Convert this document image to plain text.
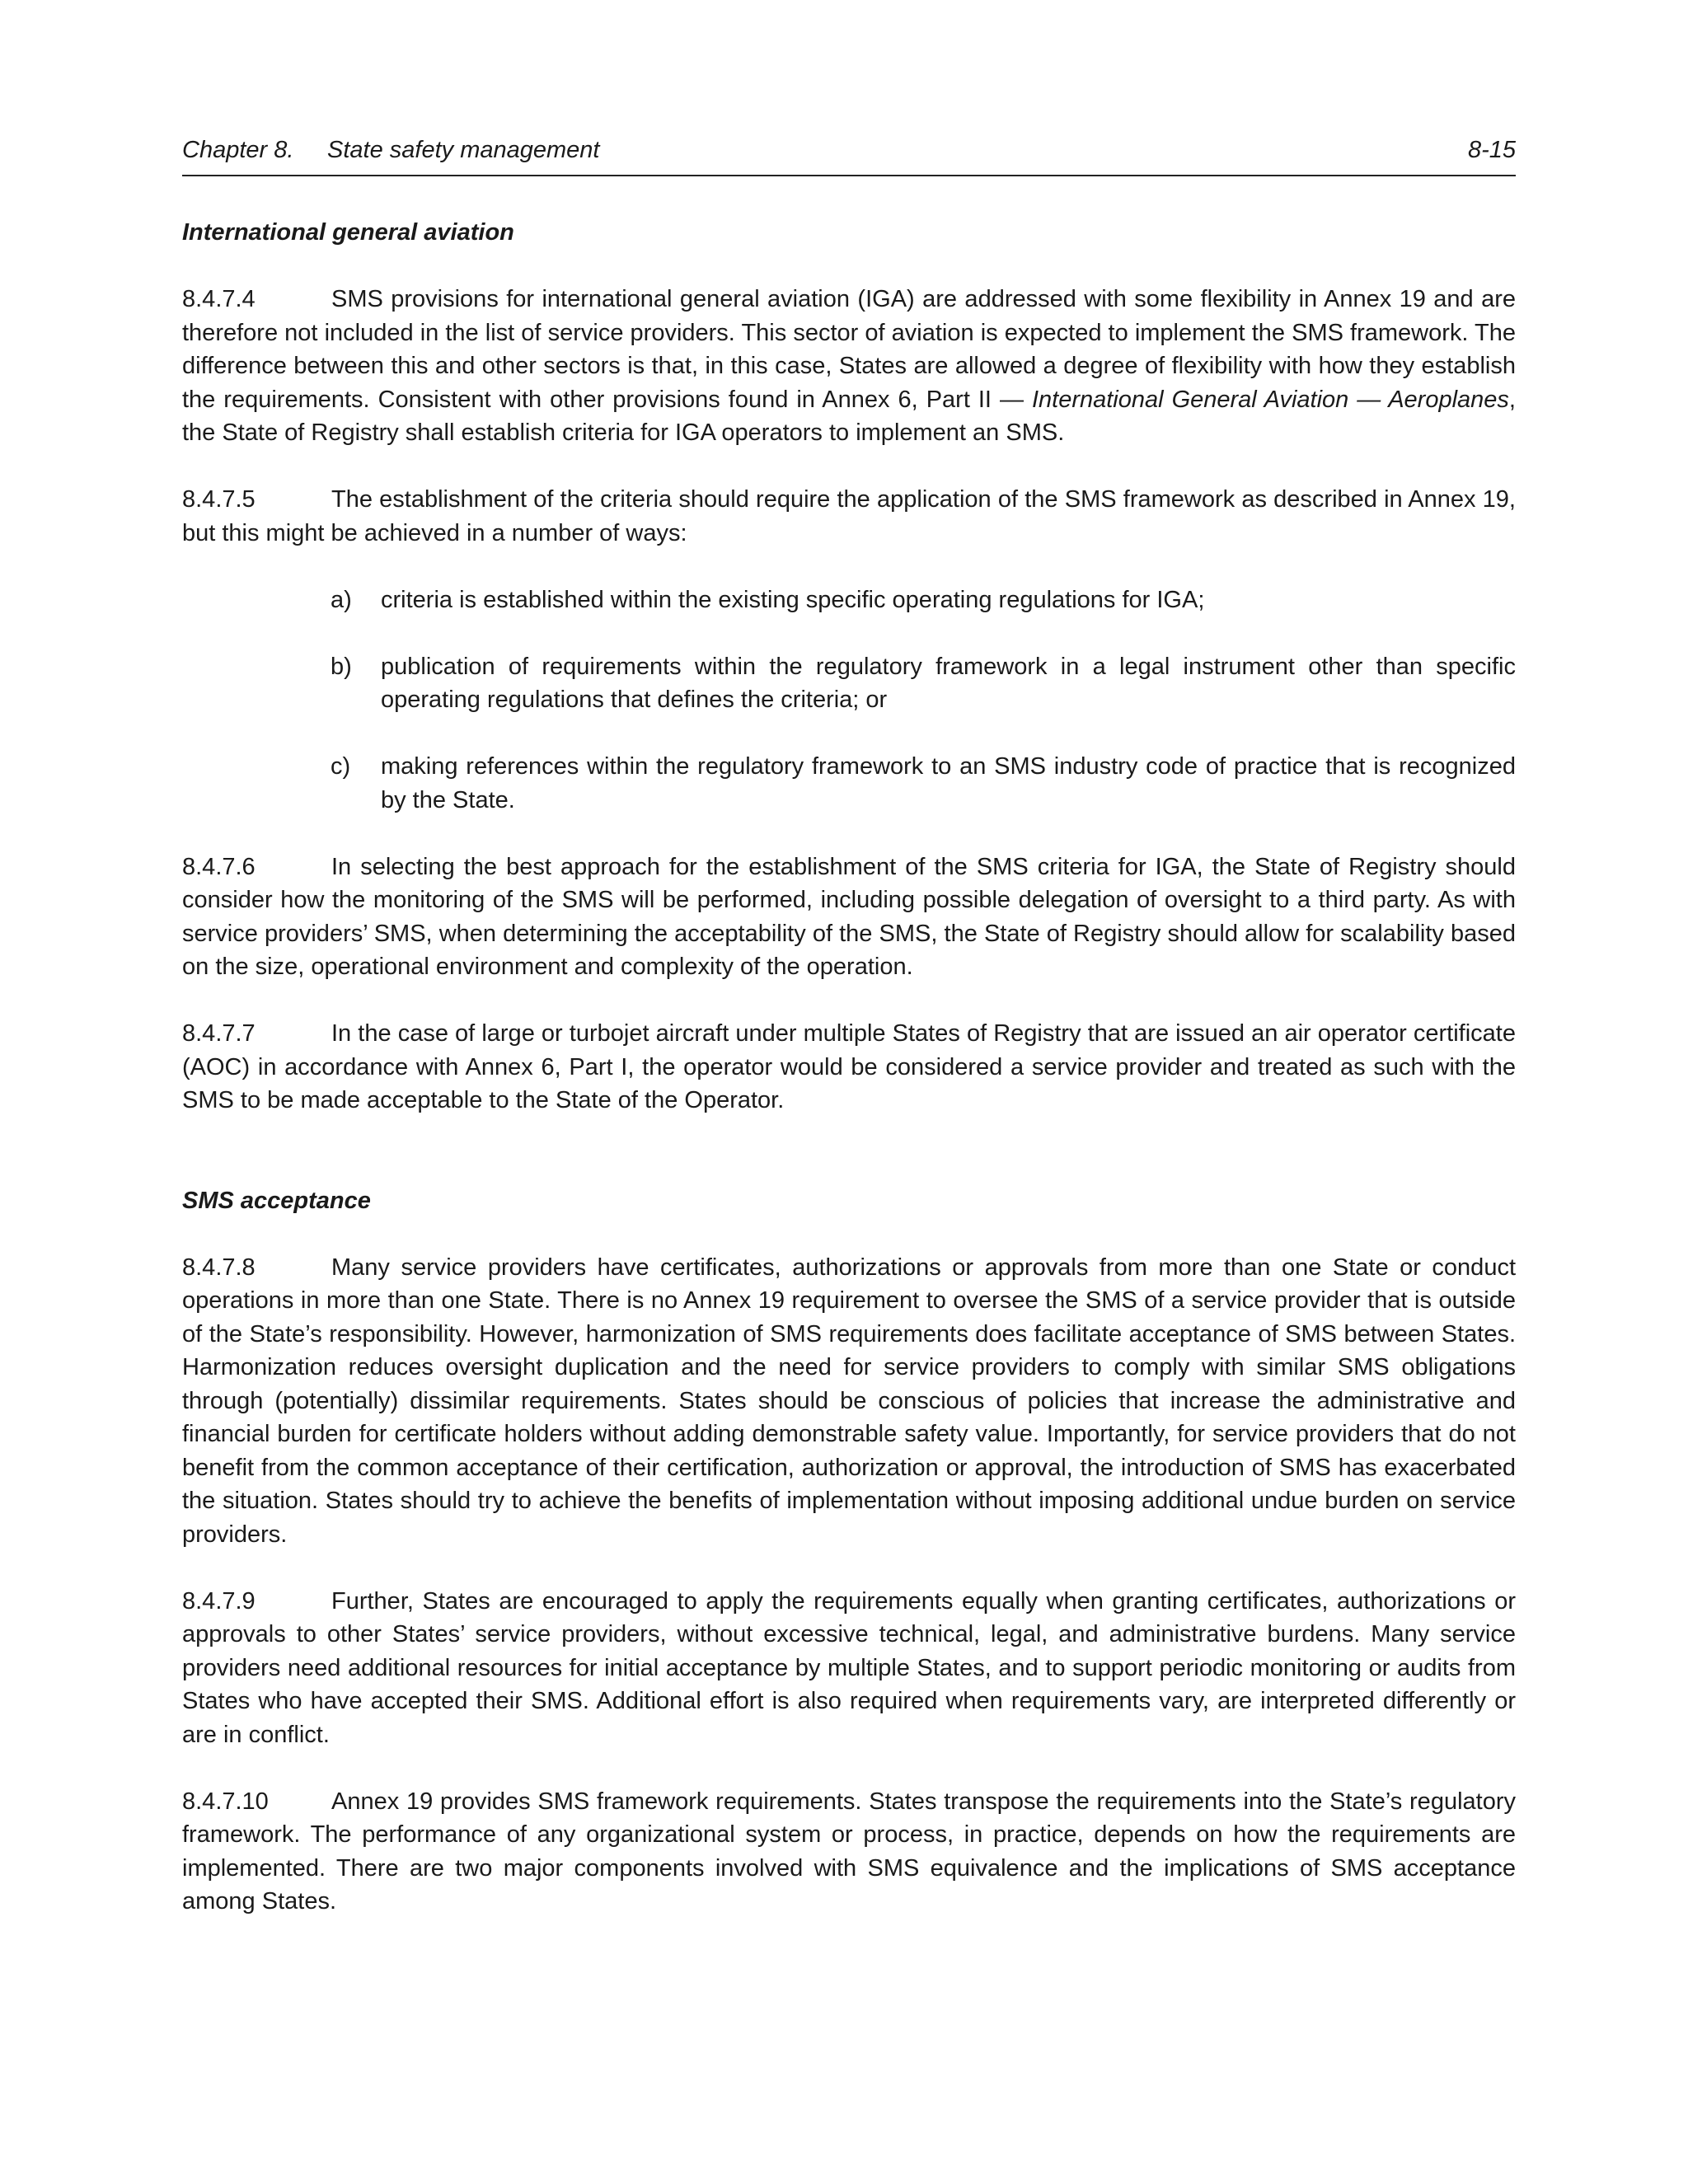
Chapter 8. State safety management	8-15
International general aviation

8.4.7.4	SMS provisions for international general aviation (IGA) are addressed with some flexibility in Annex 19 and are therefore not included in the list of service providers. This sector of aviation is expected to implement the SMS framework. The difference between this and other sectors is that, in this case, States are allowed a degree of flexibility with how they establish the requirements. Consistent with other provisions found in Annex 6, Part II — International General Aviation — Aeroplanes, the State of Registry shall establish criteria for IGA operators to implement an SMS.

8.4.7.5	The establishment of the criteria should require the application of the SMS framework as described in Annex 19, but this might be achieved in a number of ways:

a)	criteria is established within the existing specific operating regulations for IGA;
b)	publication of requirements within the regulatory framework in a legal instrument other than specific operating regulations that defines the criteria; or
c)	making references within the regulatory framework to an SMS industry code of practice that is recognized by the State.

8.4.7.6	In selecting the best approach for the establishment of the SMS criteria for IGA, the State of Registry should consider how the monitoring of the SMS will be performed, including possible delegation of oversight to a third party. As with service providers’ SMS, when determining the acceptability of the SMS, the State of Registry should allow for scalability based on the size, operational environment and complexity of the operation.

8.4.7.7	In the case of large or turbojet aircraft under multiple States of Registry that are issued an air operator certificate (AOC) in accordance with Annex 6, Part I, the operator would be considered a service provider and treated as such with the SMS to be made acceptable to the State of the Operator.

SMS acceptance

8.4.7.8	Many service providers have certificates, authorizations or approvals from more than one State or conduct operations in more than one State. There is no Annex 19 requirement to oversee the SMS of a service provider that is outside of the State’s responsibility. However, harmonization of SMS requirements does facilitate acceptance of SMS between States. Harmonization reduces oversight duplication and the need for service providers to comply with similar SMS obligations through (potentially) dissimilar requirements. States should be conscious of policies that increase the administrative and financial burden for certificate holders without adding demonstrable safety value. Importantly, for service providers that do not benefit from the common acceptance of their certification, authorization or approval, the introduction of SMS has exacerbated the situation. States should try to achieve the benefits of implementation without imposing additional undue burden on service providers.

8.4.7.9	Further, States are encouraged to apply the requirements equally when granting certificates, authorizations or approvals to other States’ service providers, without excessive technical, legal, and administrative burdens. Many service providers need additional resources for initial acceptance by multiple States, and to support periodic monitoring or audits from States who have accepted their SMS. Additional effort is also required when requirements vary, are interpreted differently or are in conflict.

8.4.7.10	Annex 19 provides SMS framework requirements. States transpose the requirements into the State’s regulatory framework. The performance of any organizational system or process, in practice, depends on how the requirements are implemented. There are two major components involved with SMS equivalence and the implications of SMS acceptance among States.
